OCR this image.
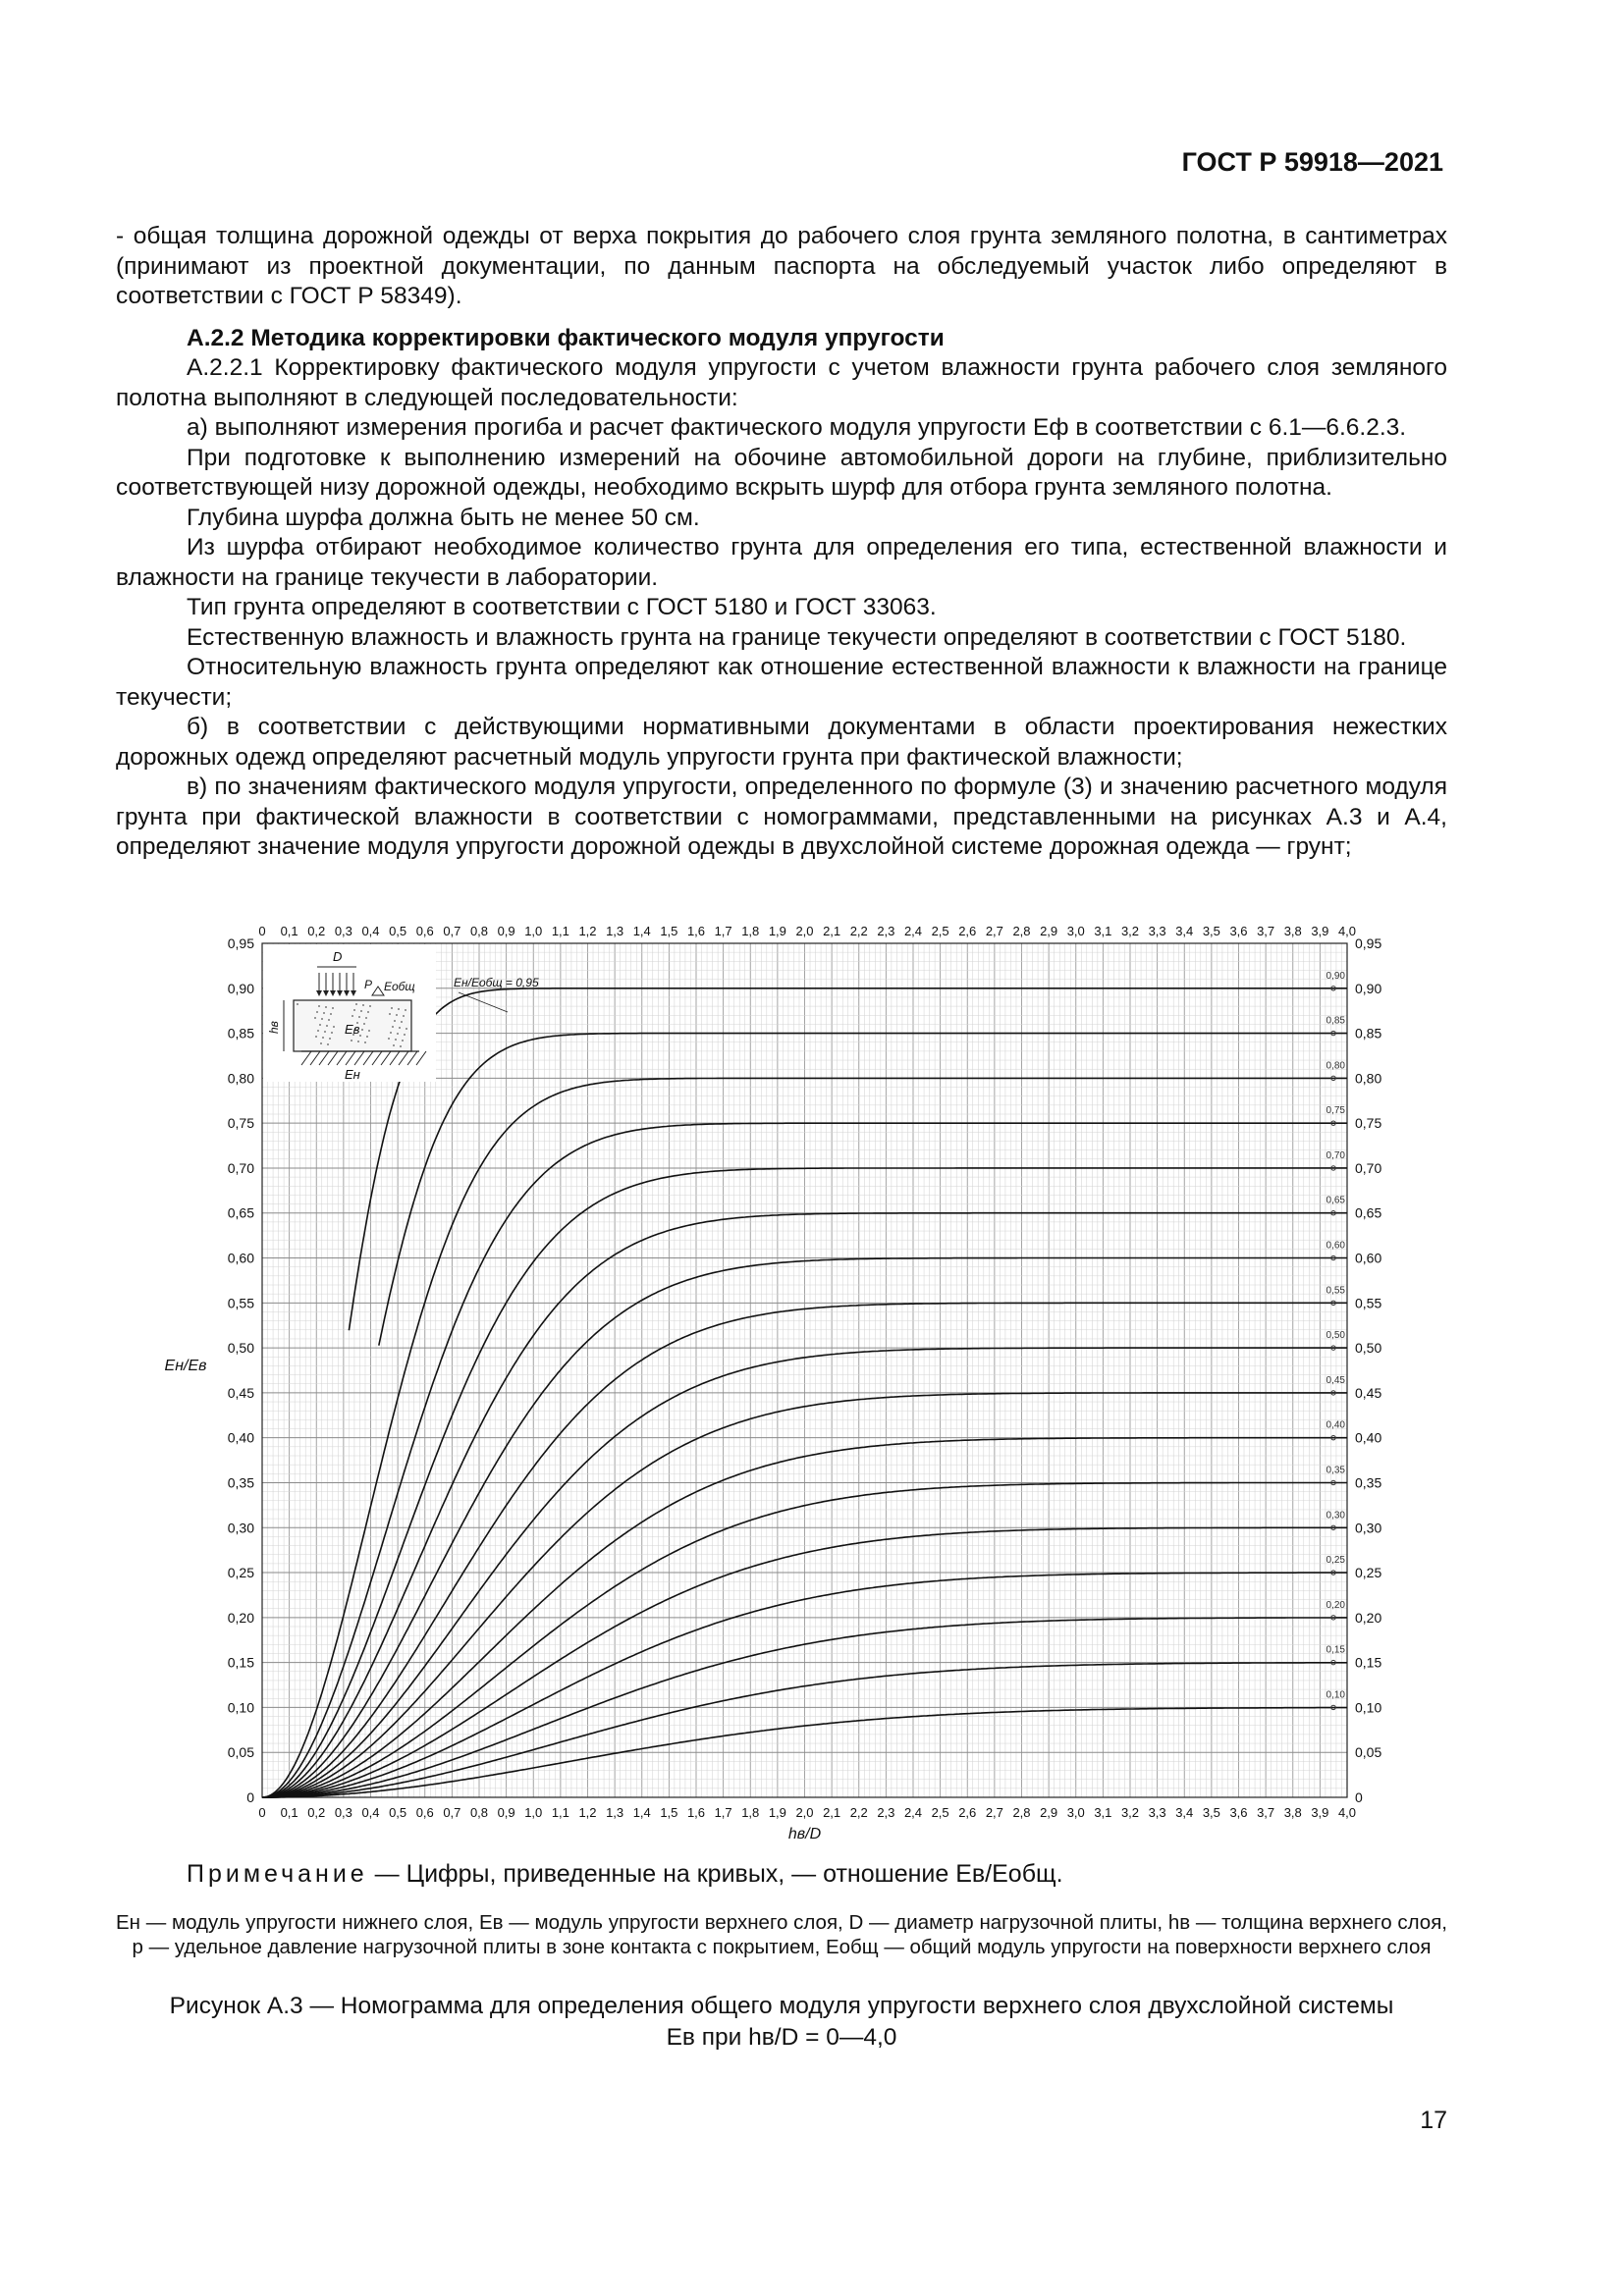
ГОСТ Р 59918—2021

- общая толщина дорожной одежды от верха покрытия до рабочего слоя грунта земляного полотна, в сантиметрах (принимают из проектной документации, по данным паспорта на обследуемый участок либо определяют в соответствии с ГОСТ Р 58349).

A.2.2 Методика корректировки фактического модуля упругости

A.2.2.1 Корректировку фактического модуля упругости с учетом влажности грунта рабочего слоя земляного полотна выполняют в следующей последовательности:

а) выполняют измерения прогиба и расчет фактического модуля упругости Eф в соответствии с 6.1—6.6.2.3.

При подготовке к выполнению измерений на обочине автомобильной дороги на глубине, приблизительно соответствующей низу дорожной одежды, необходимо вскрыть шурф для отбора грунта земляного полотна.

Глубина шурфа должна быть не менее 50 см.

Из шурфа отбирают необходимое количество грунта для определения его типа, естественной влажности и влажности на границе текучести в лаборатории.

Тип грунта определяют в соответствии с ГОСТ 5180 и ГОСТ 33063.

Естественную влажность и влажность грунта на границе текучести определяют в соответствии с ГОСТ 5180.

Относительную влажность грунта определяют как отношение естественной влажности к влажности на границе текучести;

б) в соответствии с действующими нормативными документами в области проектирования нежестких дорожных одежд определяют расчетный модуль упругости грунта при фактической влажности;

в) по значениям фактического модуля упругости, определенного по формуле (3) и значению расчетного модуля грунта при фактической влажности в соответствии с номограммами, представленными на рисунках А.3 и А.4, определяют значение модуля упругости дорожной одежды в двухслойной системе дорожная одежда — грунт;

0
0
0,1
0,1
0,2
0,2
0,3
0,3
0,4
0,4
0,5
0,5
0,6
0,6
0,7
0,7
0,8
0,8
0,9
0,9
1,0
1,0
1,1
1,1
1,2
1,2
1,3
1,3
1,4
1,4
1,5
1,5
1,6
1,6
1,7
1,7
1,8
1,8
1,9
1,9
2,0
2,0
2,1
2,1
2,2
2,2
2,3
2,3
2,4
2,4
2,5
2,5
2,6
2,6
2,7
2,7
2,8
2,8
2,9
2,9
3,0
3,0
3,1
3,1
3,2
3,2
3,3
3,3
3,4
3,4
3,5
3,5
3,6
3,6
3,7
3,7
3,8
3,8
3,9
3,9
4,0
4,0
0	0
0,05	0,05
0,10	0,10
0,15	0,15
0,20	0,20
0,25	0,25
0,30	0,30
0,35	0,35
0,40	0,40
0,45	0,45
0,50	0,50
0,55	0,55
0,60	0,60
0,65	0,65
0,70	0,70
0,75	0,75
0,80	0,80
0,85	0,85
0,90	0,90
0,95	0,95
hв/D
Eн/Eв
0,10
0,15
0,20
0,25
0,30
0,35
0,40
0,45
0,50
0,55
0,60
0,65
0,70
0,75
0,80
0,85
0,90
D
P Eобщ
Eв
Eн
hв
Eн/Eобщ = 0,95
Примечание — Цифры, приведенные на кривых, — отношение Eв/Eобщ.
Eн — модуль упругости нижнего слоя, Eв — модуль упругости верхнего слоя, D — диаметр нагрузочной плиты, hв — толщина верхнего слоя, p — удельное давление нагрузочной плиты в зоне контакта с покрытием, Eобщ — общий модуль упругости на поверхности верхнего слоя
Рисунок А.3 — Номограмма для определения общего модуля упругости верхнего слоя двухслойной системы
Eв при hв/D = 0—4,0
17
